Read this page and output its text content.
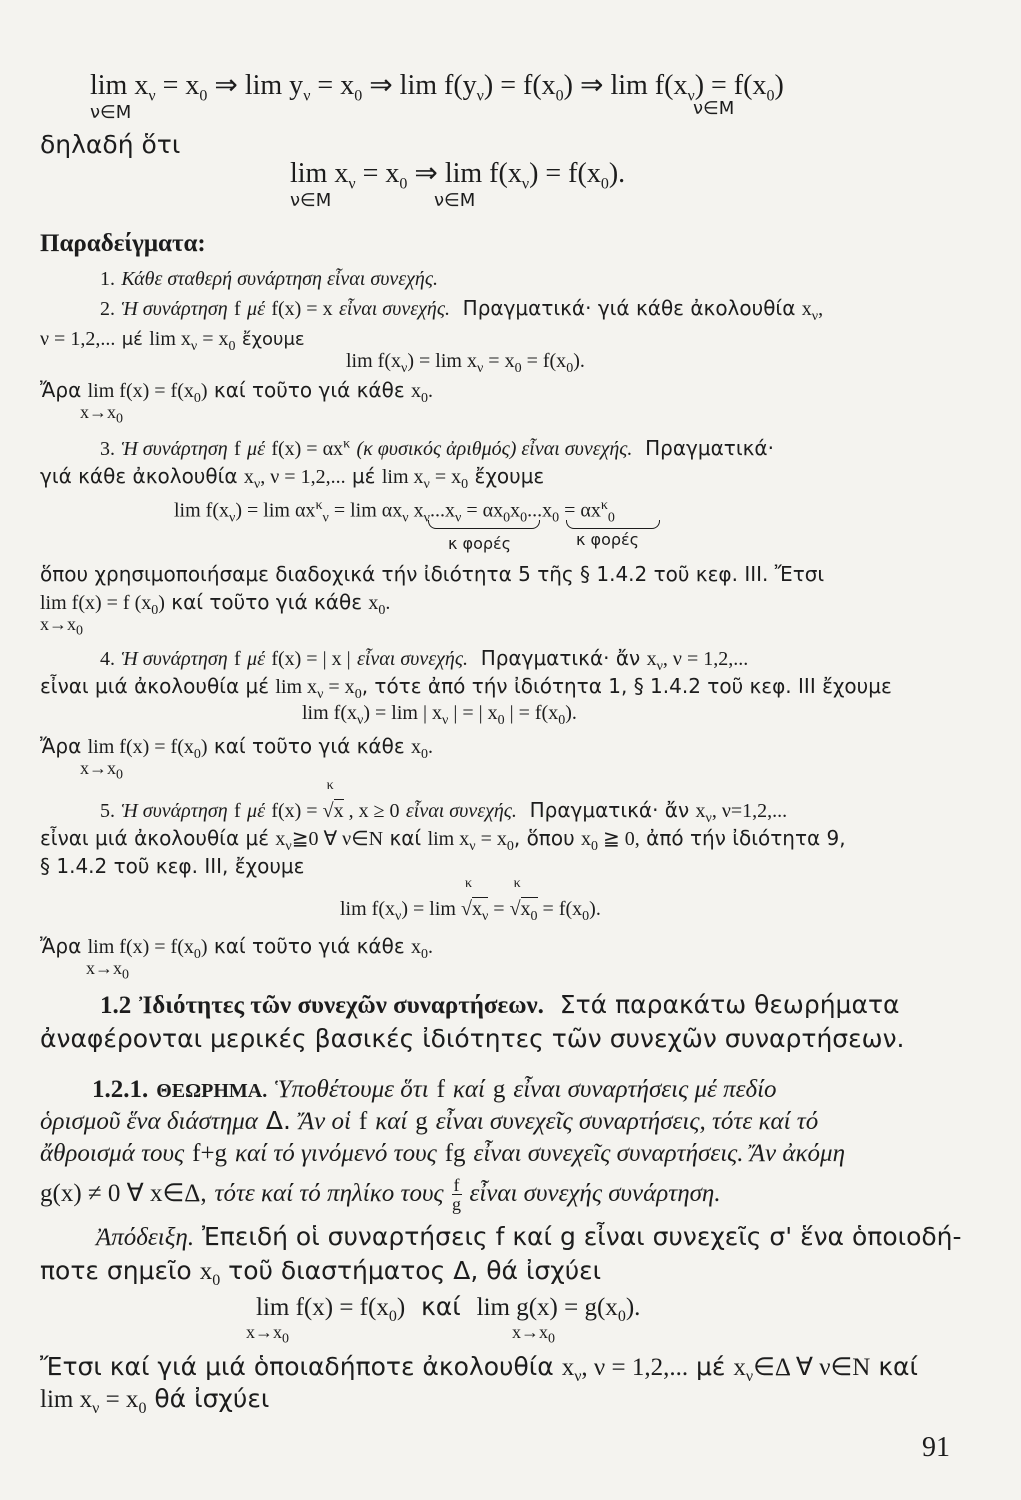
$\lim x_\nu = x_0$ ⇒ $\lim y_\nu = x_0$ ⇒ $\lim f(y_\nu) = f(x_0)$ ⇒ $\lim f(x_\nu) = f(x_0)$
ν∈M	ν∈M
δηλαδή ὅτι
$\lim x_\nu = x_0$ ⇒ $\lim f(x_\nu) = f(x_0)$.
ν∈M	ν∈M
Παραδείγματα:
1. Κάθε σταθερή συνάρτηση εἶναι συνεχής.
2. Ἡ συνάρτηση f μέ f(x) = x εἶναι συνεχής. Πραγματικά· γιά κάθε ἀκολουθία $x_\nu$,
ν = 1,2,... μέ $\lim x_\nu = x_0$ ἔχουμε
$\lim f(x_\nu) = \lim x_\nu = x_0 = f(x_0)$.
Ἄρα $\lim f(x) = f(x_0)$ καί τοῦτο γιά κάθε $x_0$.
$x\to x_0$
3. Ἡ συνάρτηση f μέ $f(x) = \alpha x^\kappa$ (κ φυσικός ἀριθμός) εἶναι συνεχής. Πραγματικά·
γιά κάθε ἀκολουθία $x_\nu$, ν = 1,2,... μέ $\lim x_\nu = x_0$ ἔχουμε
$\lim f(x_\nu) = \lim \alpha x^\kappa_\nu = \lim \alpha x_\nu$ $x_\nu...x_\nu = \alpha x_0x_0...x_0 = \alpha x^\kappa_0$
κ φορές	κ φορές
ὅπου χρησιμοποιήσαμε διαδοχικά τήν ἰδιότητα 5 τῆς § 1.4.2 τοῦ κεφ. ΙΙΙ. Ἔτσι
lim f(x) = f $(x_0)$ καί τοῦτο γιά κάθε $x_0$.
$x\to x_0$
4. Ἡ συνάρτηση f μέ f(x) = | x | εἶναι συνεχής. Πραγματικά· ἄν $x_\nu$, ν = 1,2,...
εἶναι μιά ἀκολουθία μέ $\lim x_\nu = x_0$, τότε ἀπό τήν ἰδιότητα 1, § 1.4.2 τοῦ κεφ. ΙΙΙ ἔχουμε
$\lim f(x_\nu) = \lim$ | $x_\nu$ | = | $x_0$ | = $f(x_0)$.
Ἄρα $\lim f(x) = f(x_0)$ καί τοῦτο γιά κάθε $x_0$.
$x\to x_0$
5. Ἡ συνάρτηση f μέ f(x) =
κ
√x , x ≥ 0 εἶναι συνεχής. Πραγματικά· ἄν $x_\nu$, ν=1,2,...
εἶναι μιά ἀκολουθία μέ $x_\nu≧0$ ∀ ν∈N καί $\lim x_\nu = x_0$, ὅπου $x_0$ ≧ 0, ἀπό τήν ἰδιότητα 9,
§ 1.4.2 τοῦ κεφ. ΙΙΙ, ἔχουμε
$\lim f(x_\nu) = \lim$
κ
$√x_\nu$ =
κ
$√x_0 = f(x_0)$.
Ἄρα $\lim f(x) = f(x_0)$ καί τοῦτο γιά κάθε $x_0$.
$x\to x_0$
1.2 Ἰδιότητες τῶν συνεχῶν συναρτήσεων. Στά παρακάτω θεωρήματα
ἀναφέρονται μερικές βασικές ἰδιότητες τῶν συνεχῶν συναρτήσεων.
1.2.1. ΘΕΩΡΗΜΑ. Ὑποθέτουμε ὅτι f καί g εἶναι συναρτήσεις μέ πεδίο
ὁρισμοῦ ἕνα διάστημα Δ. Ἄν οἱ f καί g εἶναι συνεχεῖς συναρτήσεις, τότε καί τό
ἄθροισμά τους f+g καί τό γινόμενό τους fg εἶναι συνεχεῖς συναρτήσεις. Ἄν ἀκόμη
g(x) ≠ 0 ∀ x∈Δ, τότε καί τό πηλίκο τους $\frac{f}{g}$ εἶναι συνεχής συνάρτηση.
Ἀπόδειξη. Ἐπειδή οἱ συναρτήσεις f καί g εἶναι συνεχεῖς σ' ἕνα ὁποιοδή-
ποτε σημεῖο $x_0$ τοῦ διαστήματος Δ, θά ἰσχύει
$\lim f(x) = f(x_0)$ καί $\lim g(x) = g(x_0)$.
$x\to x_0$	$x\to x_0$
Ἔτσι καί γιά μιά ὁποιαδήποτε ἀκολουθία $x_\nu$, ν = 1,2,... μέ $x_\nu\in\Delta$ ∀ ν∈N καί
$\lim x_\nu = x_0$ θά ἰσχύει
91
